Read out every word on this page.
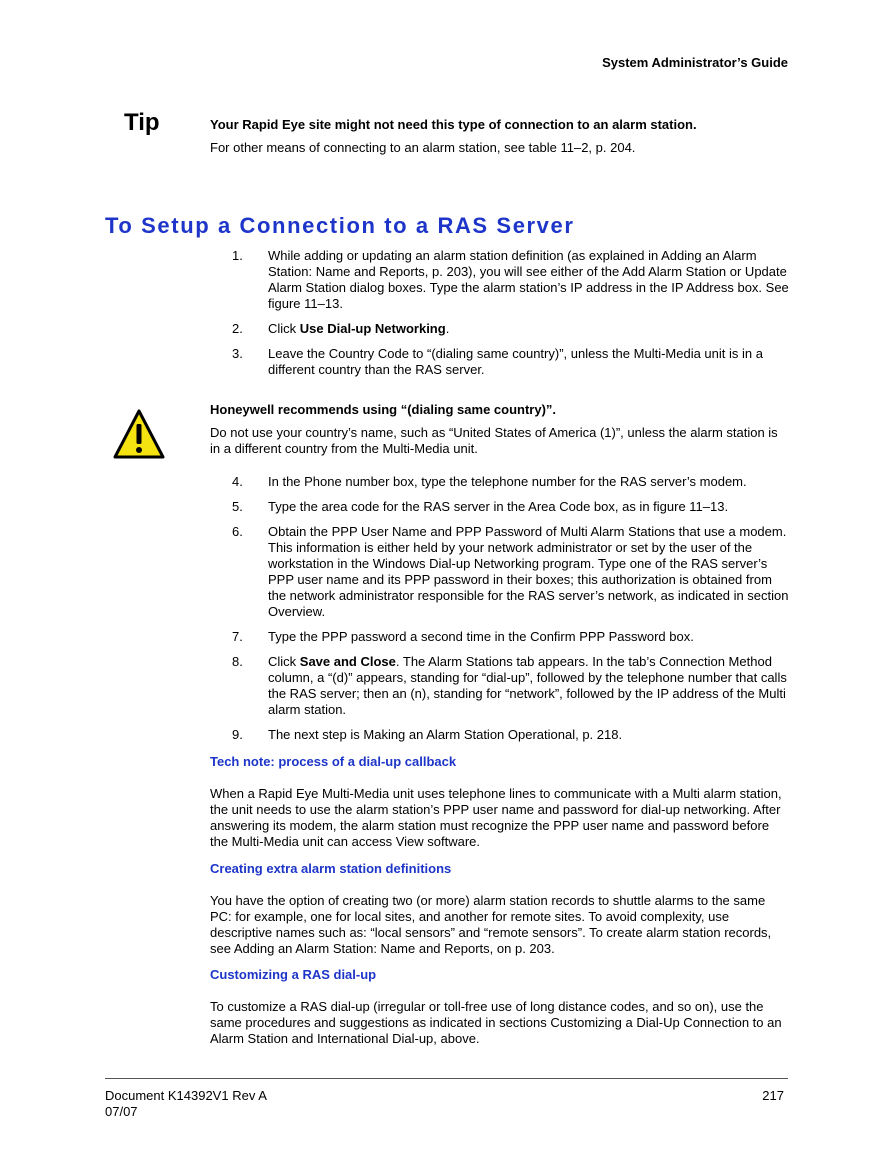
System Administrator’s Guide
Tip	Your Rapid Eye site might not need this type of connection to an alarm station.
For other means of connecting to an alarm station, see table 11–2, p. 204.
To Setup a Connection to a RAS Server
1. While adding or updating an alarm station definition (as explained in Adding an Alarm Station: Name and Reports, p. 203), you will see either of the Add Alarm Station or Update Alarm Station dialog boxes. Type the alarm station’s IP address in the IP Address box. See figure 11–13.
2. Click Use Dial-up Networking.
3. Leave the Country Code to “(dialing same country)”, unless the Multi-Media unit is in a different country than the RAS server.
Honeywell recommends using “(dialing same country)”.
Do not use your country’s name, such as “United States of America (1)”, unless the alarm station is in a different country from the Multi-Media unit.
4. In the Phone number box, type the telephone number for the RAS server’s modem.
5. Type the area code for the RAS server in the Area Code box, as in figure 11–13.
6. Obtain the PPP User Name and PPP Password of Multi Alarm Stations that use a modem. This information is either held by your network administrator or set by the user of the workstation in the Windows Dial-up Networking program. Type one of the RAS server’s PPP user name and its PPP password in their boxes; this authorization is obtained from the network administrator responsible for the RAS server’s network, as indicated in section Overview.
7. Type the PPP password a second time in the Confirm PPP Password box.
8. Click Save and Close. The Alarm Stations tab appears. In the tab’s Connection Method column, a “(d)” appears, standing for “dial-up”, followed by the telephone number that calls the RAS server; then an (n), standing for “network”, followed by the IP address of the Multi alarm station.
9. The next step is Making an Alarm Station Operational, p. 218.
Tech note: process of a dial-up callback
When a Rapid Eye Multi-Media unit uses telephone lines to communicate with a Multi alarm station, the unit needs to use the alarm station’s PPP user name and password for dial-up networking. After answering its modem, the alarm station must recognize the PPP user name and password before the Multi-Media unit can access View software.
Creating extra alarm station definitions
You have the option of creating two (or more) alarm station records to shuttle alarms to the same PC: for example, one for local sites, and another for remote sites. To avoid complexity, use descriptive names such as: “local sensors” and “remote sensors”. To create alarm station records, see Adding an Alarm Station: Name and Reports, on p. 203.
Customizing a RAS dial-up
To customize a RAS dial-up (irregular or toll-free use of long distance codes, and so on), use the same procedures and suggestions as indicated in sections Customizing a Dial-Up Connection to an Alarm Station and International Dial-up, above.
Document K14392V1 Rev A
07/07
217
